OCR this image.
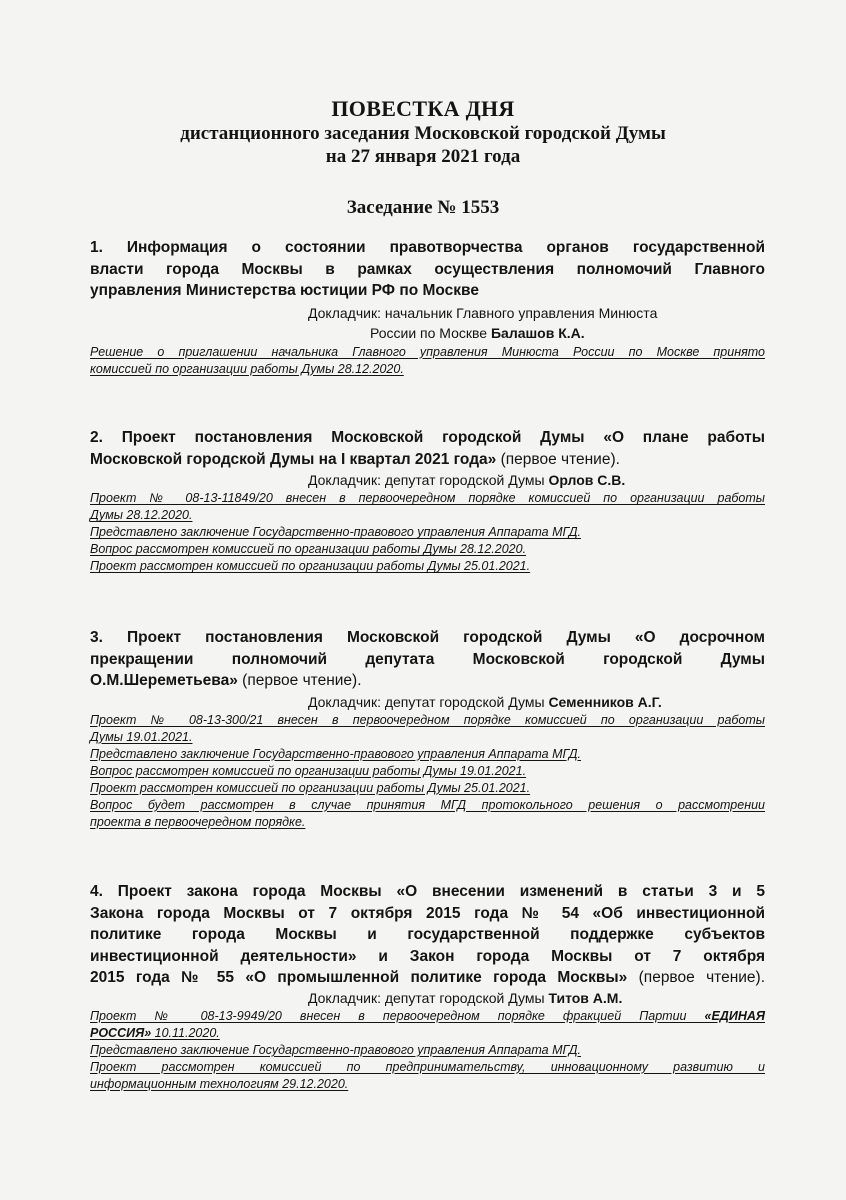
ПОВЕСТКА ДНЯ
дистанционного заседания Московской городской Думы
на 27 января 2021 года
Заседание № 1553
1. Информация о состоянии правотворчества органов государственной
власти города Москвы в рамках осуществления полномочий Главного
управления Министерства юстиции РФ по Москве
Докладчик: начальник Главного управления Минюста
России по Москве Балашов К.А.
Решение о приглашении начальника Главного управления Минюста России по Москве принято
комиссией по организации работы Думы 28.12.2020.
2. Проект постановления Московской городской Думы «О плане работы
Московской городской Думы на I квартал 2021 года» (первое чтение).
Докладчик: депутат городской Думы Орлов С.В.
Проект № 08-13-11849/20 внесен в первоочередном порядке комиссией по организации работы
Думы 28.12.2020.
Представлено заключение Государственно-правового управления Аппарата МГД.
Вопрос рассмотрен комиссией по организации работы Думы 28.12.2020.
Проект рассмотрен комиссией по организации работы Думы 25.01.2021.
3. Проект постановления Московской городской Думы «О досрочном
прекращении полномочий депутата Московской городской Думы
О.М.Шереметьева» (первое чтение).
Докладчик: депутат городской Думы Семенников А.Г.
Проект № 08-13-300/21 внесен в первоочередном порядке комиссией по организации работы
Думы 19.01.2021.
Представлено заключение Государственно-правового управления Аппарата МГД.
Вопрос рассмотрен комиссией по организации работы Думы 19.01.2021.
Проект рассмотрен комиссией по организации работы Думы 25.01.2021.
Вопрос будет рассмотрен в случае принятия МГД протокольного решения о рассмотрении
проекта в первоочередном порядке.
4. Проект закона города Москвы «О внесении изменений в статьи 3 и 5
Закона города Москвы от 7 октября 2015 года № 54 «Об инвестиционной
политике города Москвы и государственной поддержке субъектов
инвестиционной деятельности» и Закон города Москвы от 7 октября
2015 года № 55 «О промышленной политике города Москвы» (первое чтение).
Докладчик: депутат городской Думы Титов А.М.
Проект № 08-13-9949/20 внесен в первоочередном порядке фракцией Партии «ЕДИНАЯ
РОССИЯ» 10.11.2020.
Представлено заключение Государственно-правового управления Аппарата МГД.
Проект рассмотрен комиссией по предпринимательству, инновационному развитию и
информационным технологиям 29.12.2020.
